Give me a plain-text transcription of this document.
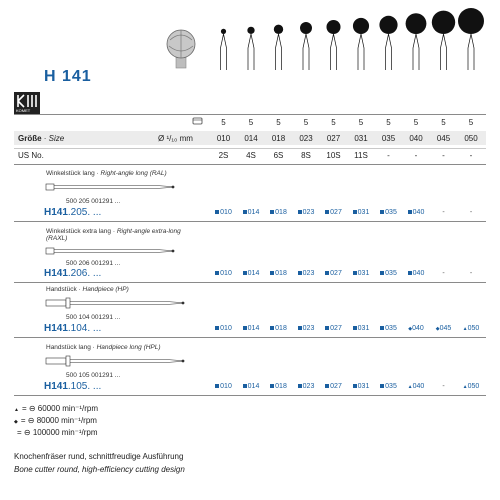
H 141
KOMET
5	5	5	5	5	5	5	5	5	5
Größe · Size	Ø ¹/₁₀ mm	010	014	018	023	027	031	035	040	045	050
US No.	2S	4S	6S	8S	10S	11S	-	-	-	-
Winkelstück lang · Right-angle long (RAL)
500 205 001291 ...
H141.205. ...	010	014	018	023	027	031	035	040	-	-
Winkelstück extra lang · Right-angle extra-long
(RAXL)
500 206 001291 ...
H141.206. ...	010	014	018	023	027	031	035	040	-	-
Handstück · Handpiece (HP)
500 104 001291 ...
H141.104. ...	010	014	018	023	027	031	035	◆040	◆045	▲050
Handstück lang · Handpiece long (HPL)
500 105 001291 ...
H141.105. ...	010	014	018	023	027	031	035	▲040	-	▲050
▲ = ⊖ 60000 min⁻¹/rpm
◆ = ⊖ 80000 min⁻¹/rpm
= ⊖ 100000 min⁻¹/rpm
Knochenfräser rund, schnittfreudige Ausführung
Bone cutter round, high-efficiency cutting design
